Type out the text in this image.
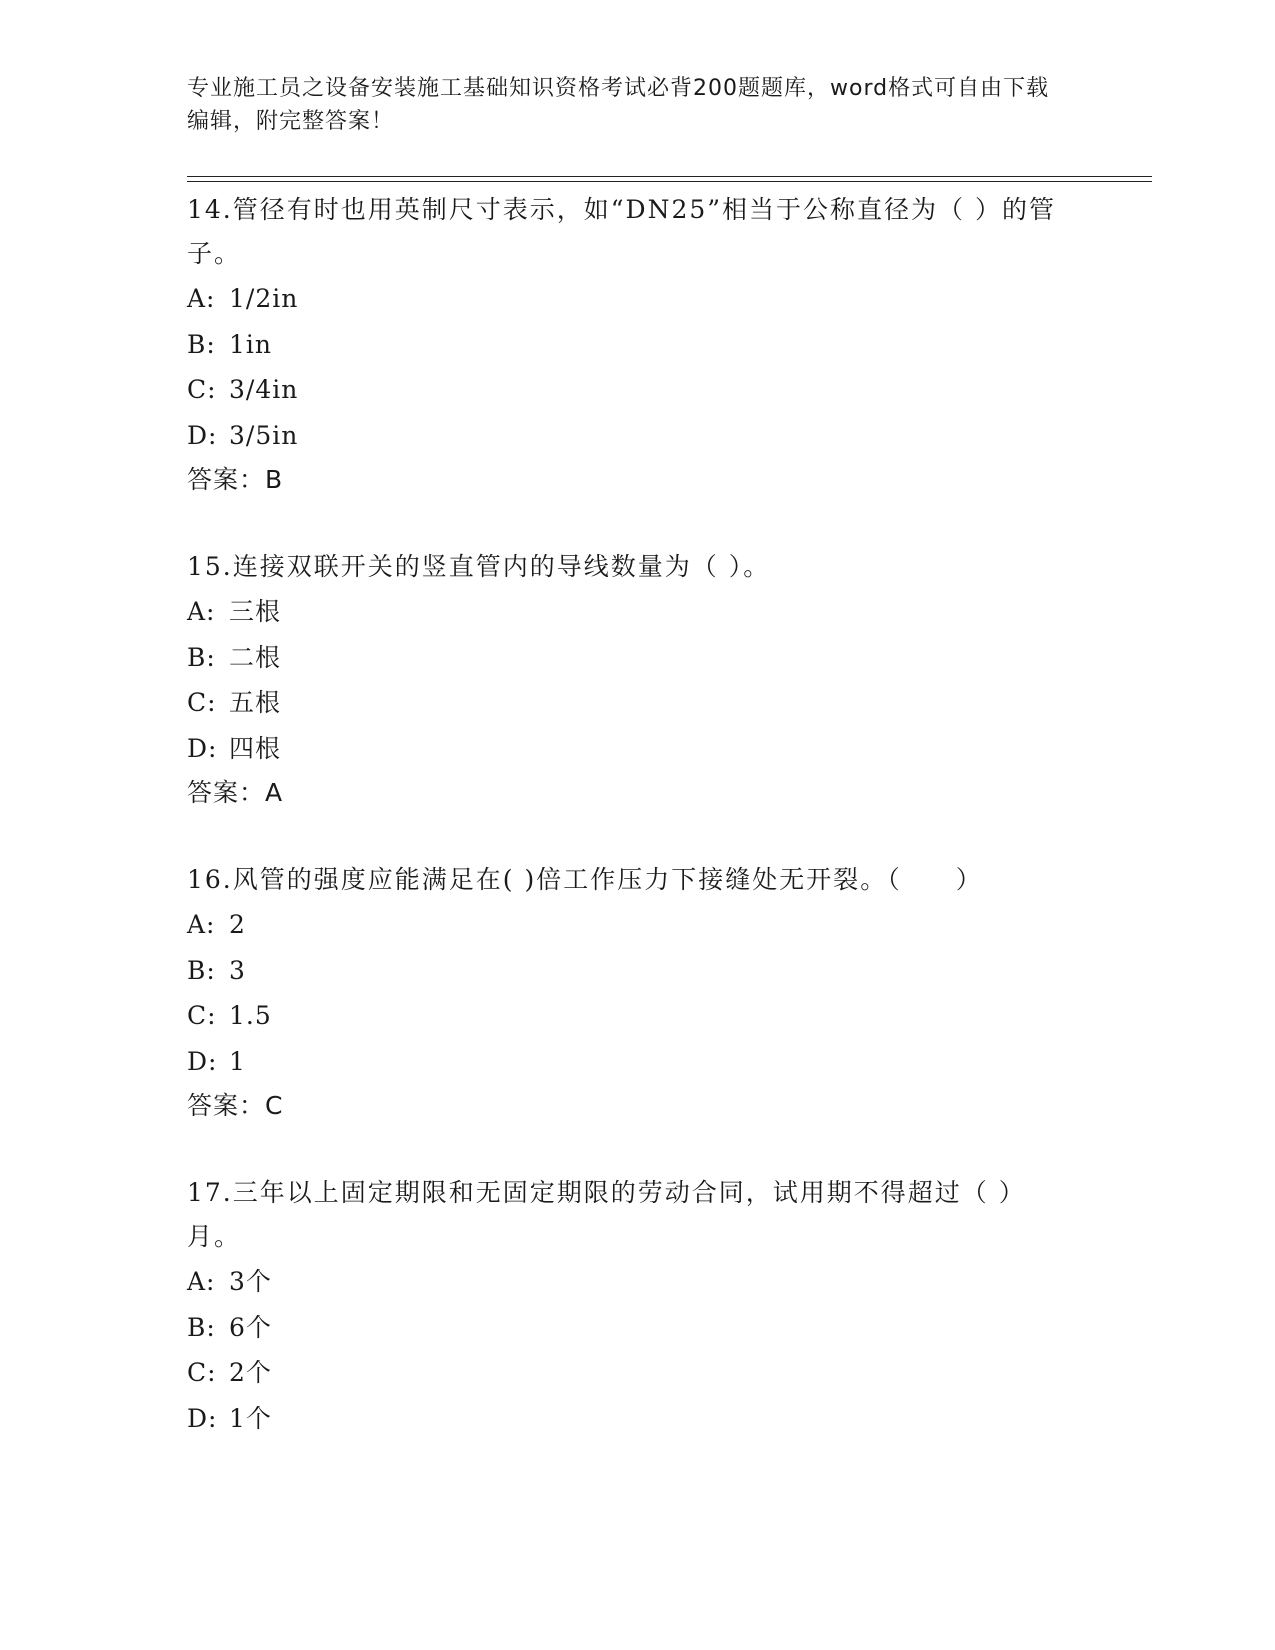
专业施工员之设备安装施工基础知识资格考试必背200题题库，word格式可自由下载编辑，附完整答案！

14.管径有时也用英制尺寸表示，如“DN25”相当于公称直径为（ ）的管子。

A: 1/2in

B: 1in

C: 3/4in

D: 3/5in

答案：B

15.连接双联开关的竖直管内的导线数量为（ ）。

A: 三根

B: 二根

C: 五根

D: 四根

答案：A

16.风管的强度应能满足在( )倍工作压力下接缝处无开裂。（　　）

A: 2

B: 3

C: 1.5

D: 1

答案：C

17.三年以上固定期限和无固定期限的劳动合同，试用期不得超过（ ）月。

A: 3个

B: 6个

C: 2个

D: 1个
